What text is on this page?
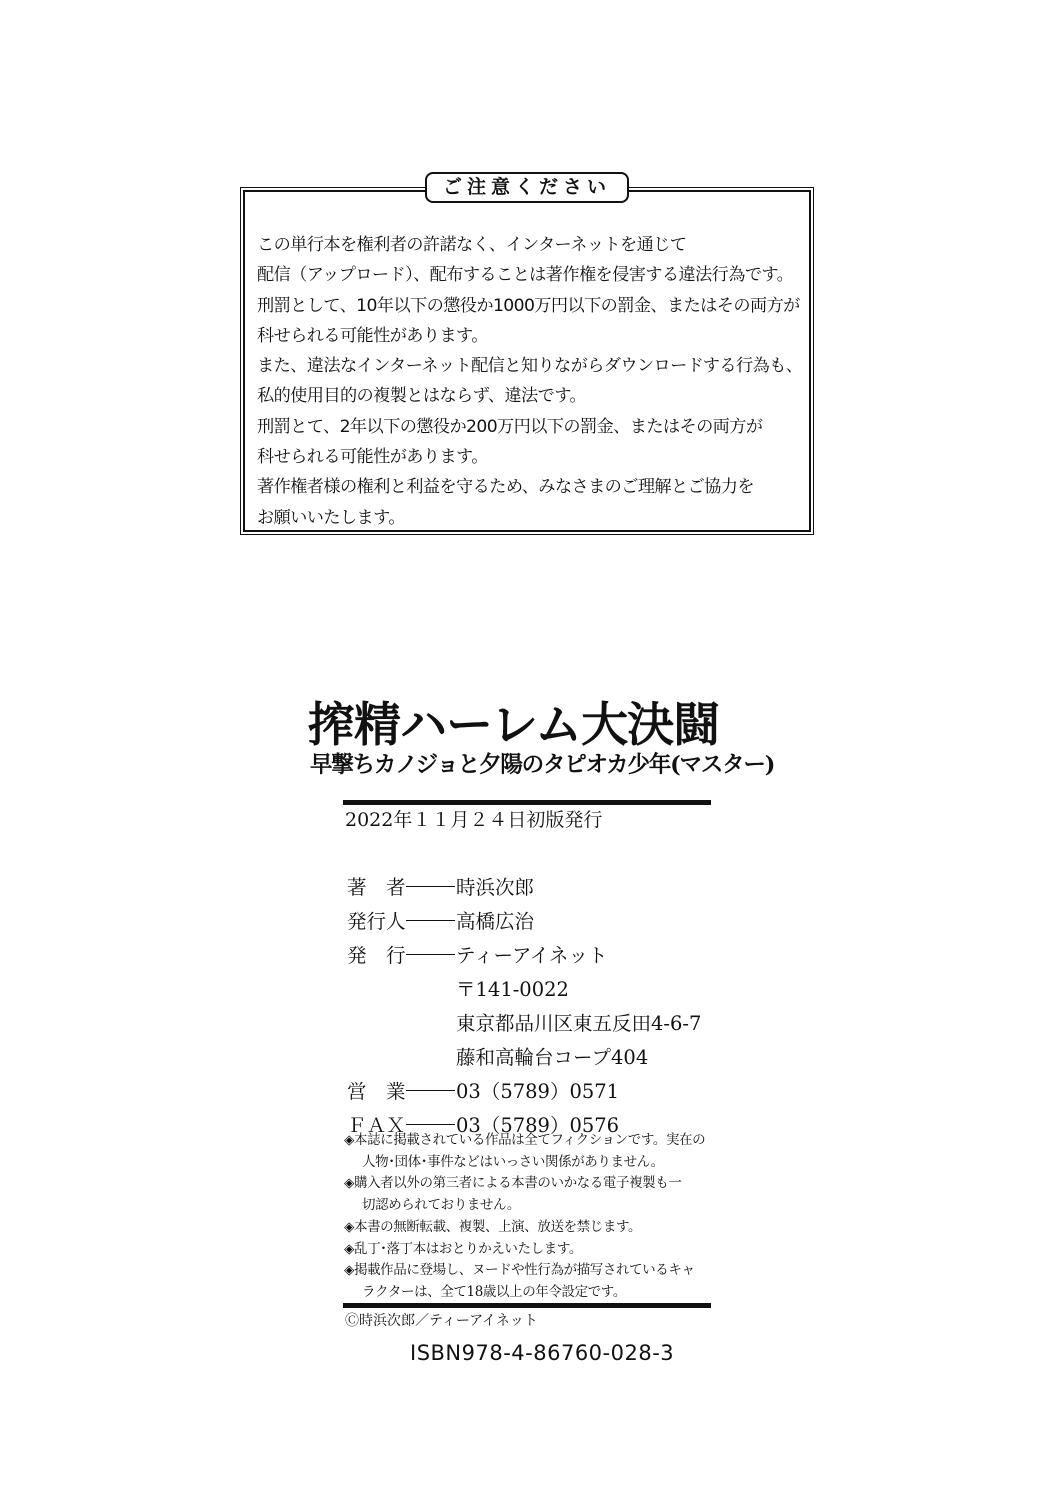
ご注意ください
この単行本を権利者の許諾なく、インターネットを通じて
配信（アップロード）、配布することは著作権を侵害する違法行為です。
刑罰として、10年以下の懲役か1000万円以下の罰金、またはその両方が
科せられる可能性があります。
また、違法なインターネット配信と知りながらダウンロードする行為も、
私的使用目的の複製とはならず、違法です。
刑罰とて、2年以下の懲役か200万円以下の罰金、またはその両方が
科せられる可能性があります。
著作権者様の権利と利益を守るため、みなさまのご理解とご協力を
お願いいたします。
搾精ハーレム大決闘
早撃ちカノジョと夕陽のタピオカ少年(マスター)
2022年１１月２４日初版発行
著　者	時浜次郎
発行人	高橋広治
発　行	ティーアイネット
〒141-0022
東京都品川区東五反田4-6-7
藤和高輪台コープ404
営　業	03（5789）0571
ＦＡＸ	03（5789）0576
◈本誌に掲載されている作品は全てフィクションです。実在の
人物･団体･事件などはいっさい関係がありません。
◈購入者以外の第三者による本書のいかなる電子複製も一
切認められておりません。
◈本書の無断転載、複製、上演、放送を禁じます。
◈乱丁･落丁本はおとりかえいたします。
◈掲載作品に登場し、ヌードや性行為が描写されているキャ
ラクターは、全て18歳以上の年令設定です。
Ⓒ時浜次郎／ティーアイネット
ISBN978-4-86760-028-3
